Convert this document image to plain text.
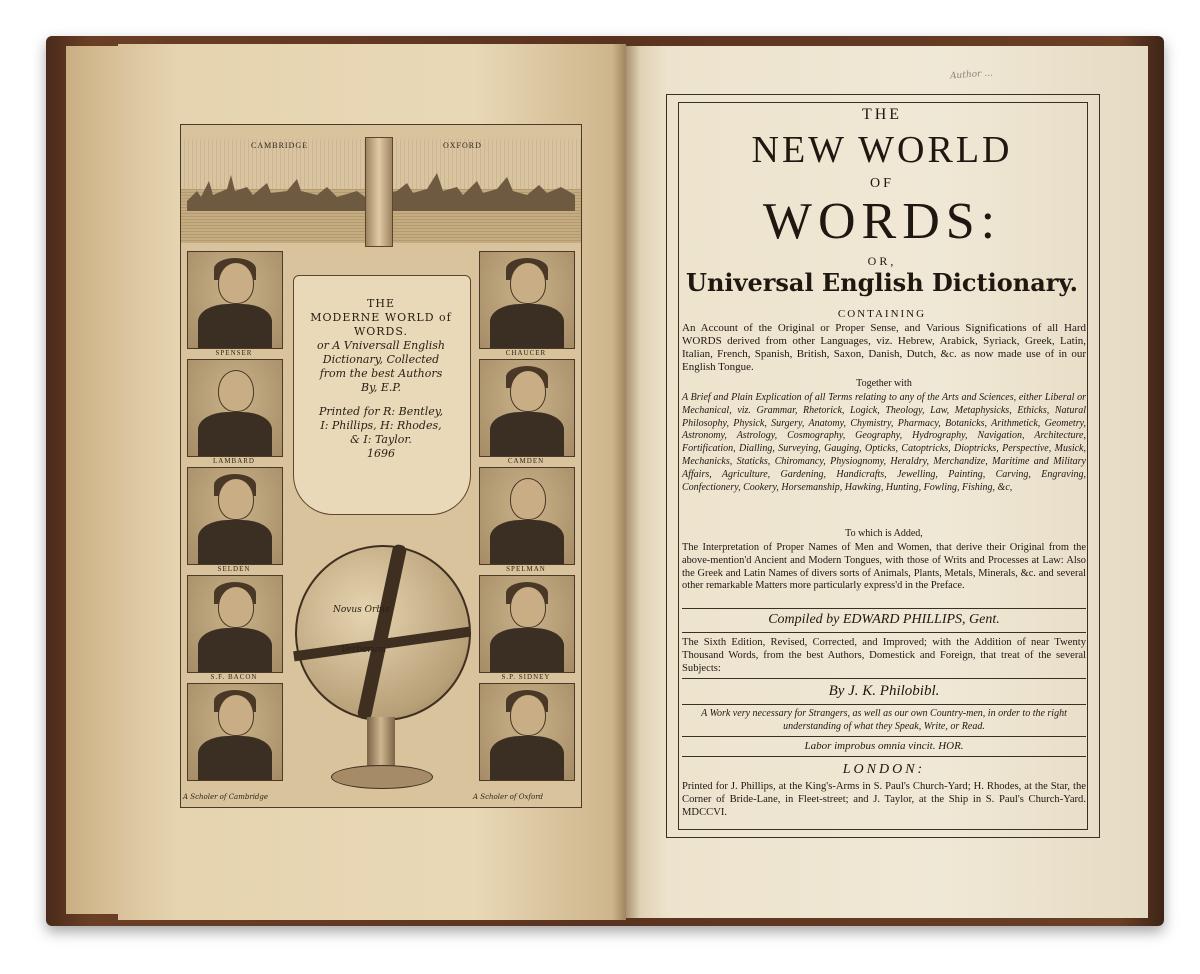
CAMBRIDGE	OXFORD
SPENSER
LAMBARD
SELDEN
S.F. BACON
CHAUCER
CAMDEN
SPELMAN
S.P. SIDNEY
A Scholer of Cambridge	A Scholer of Oxford
THE
MODERNE WORLD of
WORDS.
or A Vniversall English
Dictionary, Collected
from the best Authors
By, E.P.
Printed for R: Bentley,
I: Phillips, H: Rhodes,
& I: Taylor.
1696
Novus Orbis
Verborum
Author ...
THE
NEW WORLD
OF
WORDS:
OR,
Universal English Dictionary.
CONTAINING
An Account of the Original or Proper Sense, and Various Significations of all Hard WORDS derived from other Languages, viz. Hebrew, Arabick, Syriack, Greek, Latin, Italian, French, Spanish, British, Saxon, Danish, Dutch, &c. as now made use of in our English Tongue.
Together with
A Brief and Plain Explication of all Terms relating to any of the Arts and Sciences, either Liberal or Mechanical, viz. Grammar, Rhetorick, Logick, Theology, Law, Metaphysicks, Ethicks, Natural Philosophy, Physick, Surgery, Anatomy, Chymistry, Pharmacy, Botanicks, Arithmetick, Geometry, Astronomy, Astrology, Cosmography, Geography, Hydrography, Navigation, Architecture, Fortification, Dialling, Surveying, Gauging, Opticks, Catoptricks, Dioptricks, Perspective, Musick, Mechanicks, Staticks, Chiromancy, Physiognomy, Heraldry, Merchandize, Maritime and Military Affairs, Agriculture, Gardening, Handicrafts, Jewelling, Painting, Carving, Engraving, Confectionery, Cookery, Horsemanship, Hawking, Hunting, Fowling, Fishing, &c,
To which is Added,
The Interpretation of Proper Names of Men and Women, that derive their Original from the above-mention'd Ancient and Modern Tongues, with those of Writs and Processes at Law: Also the Greek and Latin Names of divers sorts of Animals, Plants, Metals, Minerals, &c. and several other remarkable Matters more particularly express'd in the Preface.
Compiled by EDWARD PHILLIPS, Gent.
The Sixth Edition, Revised, Corrected, and Improved; with the Addition of near Twenty Thousand Words, from the best Authors, Domestick and Foreign, that treat of the several Subjects:
By J. K. Philobibl.
A Work very necessary for Strangers, as well as our own Country-men, in order to the right understanding of what they Speak, Write, or Read.
Labor improbus omnia vincit. HOR.
LONDON:
Printed for J. Phillips, at the King's-Arms in S. Paul's Church-Yard; H. Rhodes, at the Star, the Corner of Bride-Lane, in Fleet-street; and J. Taylor, at the Ship in S. Paul's Church-Yard. MDCCVI.
